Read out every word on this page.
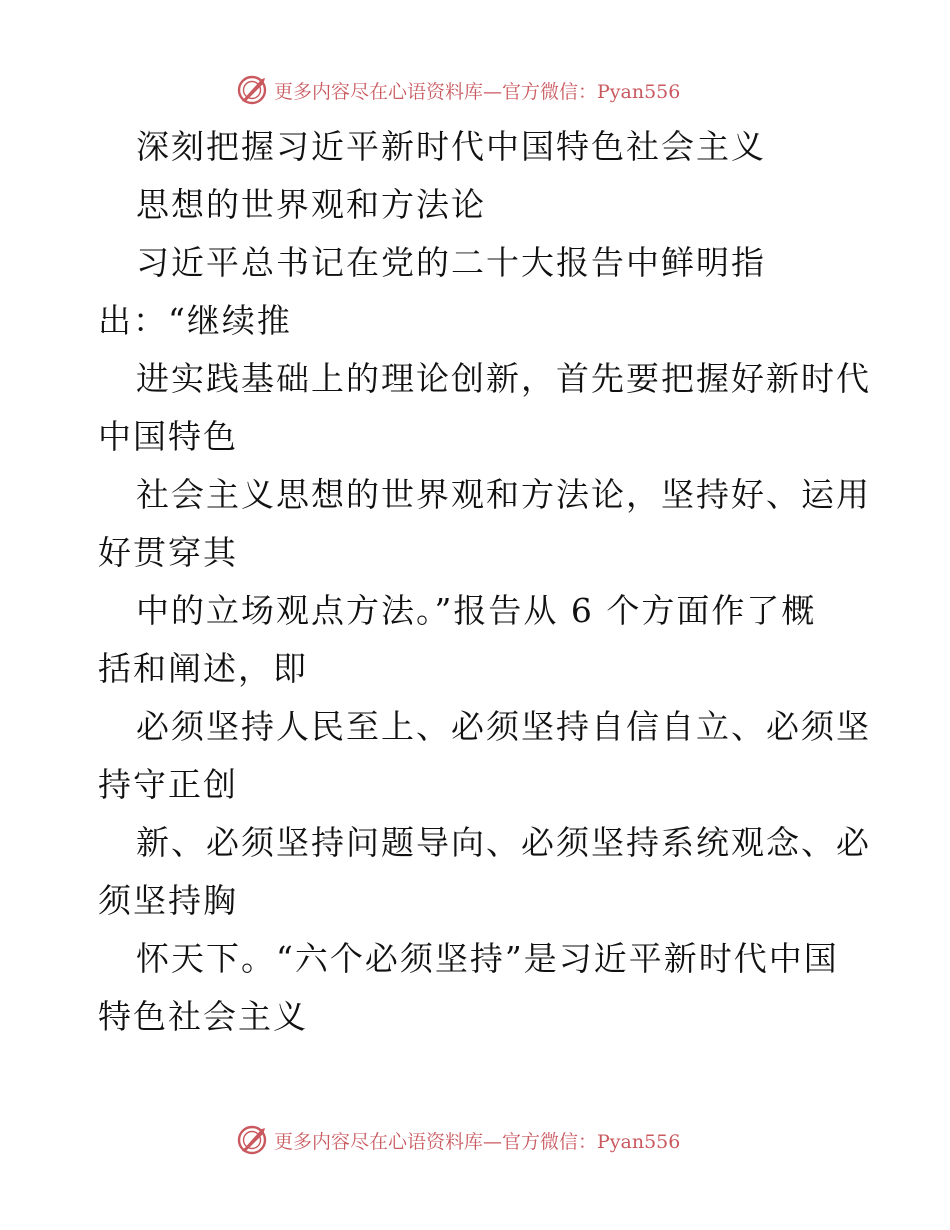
更多内容尽在心语资料库—官方微信：Pyan556
深刻把握习近平新时代中国特色社会主义
思想的世界观和方法论
习近平总书记在党的二十大报告中鲜明指
出：“继续推
进实践基础上的理论创新，首先要把握好新时代
中国特色
社会主义思想的世界观和方法论，坚持好、运用
好贯穿其
中的立场观点方法。”报告从 6 个方面作了概
括和阐述，即
必须坚持人民至上、必须坚持自信自立、必须坚
持守正创
新、必须坚持问题导向、必须坚持系统观念、必
须坚持胸
怀天下。“六个必须坚持”是习近平新时代中国
特色社会主义
更多内容尽在心语资料库—官方微信：Pyan556
